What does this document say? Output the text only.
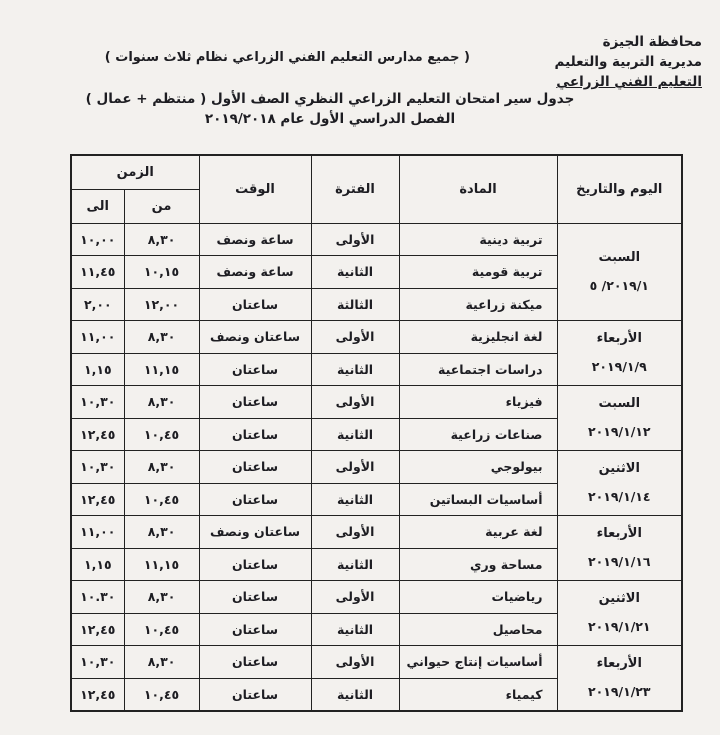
محافظة الجيزة
مديرية التربية والتعليم
التعليم الفني الزراعي
( جميع مدارس التعليم الفني الزراعي نظام ثلاث سنوات )
جدول سير امتحان التعليم الزراعي النظري الصف الأول ( منتظم + عمال )
الفصل الدراسي الأول عام ٢٠١٩/٢٠١٨
اليوم والتاريخ	المادة	الفترة	الوقت	الزمن	
				من	الى

السبت
٢٠١٩/١/ ٥	تربية دينية	الأولى	ساعة ونصف	٨,٣٠	١٠,٠٠
	تربية قومية	الثانية	ساعة ونصف	١٠,١٥	١١,٤٥
	ميكنة زراعية	الثالثة	ساعتان	١٢,٠٠	٢,٠٠

الأربعاء
٢٠١٩/١/٩	لغة انجليزية	الأولى	ساعتان ونصف	٨,٣٠	١١,٠٠
	دراسات اجتماعية	الثانية	ساعتان	١١,١٥	١,١٥

السبت
٢٠١٩/١/١٢	فيزياء	الأولى	ساعتان	٨,٣٠	١٠,٣٠
	صناعات زراعية	الثانية	ساعتان	١٠,٤٥	١٢,٤٥

الاثنين
٢٠١٩/١/١٤	بيولوجي	الأولى	ساعتان	٨,٣٠	١٠,٣٠
	أساسيات البساتين	الثانية	ساعتان	١٠,٤٥	١٢,٤٥

الأربعاء
٢٠١٩/١/١٦	لغة عربية	الأولى	ساعتان ونصف	٨,٣٠	١١,٠٠
	مساحة وري	الثانية	ساعتان	١١,١٥	١,١٥

الاثنين
٢٠١٩/١/٢١	رياضيات	الأولى	ساعتان	٨,٣٠	١٠.٣٠
	محاصيل	الثانية	ساعتان	١٠,٤٥	١٢,٤٥

الأربعاء
٢٠١٩/١/٢٣	أساسيات إنتاج حيواني	الأولى	ساعتان	٨,٣٠	١٠,٣٠
	كيمياء	الثانية	ساعتان	١٠,٤٥	١٢,٤٥
